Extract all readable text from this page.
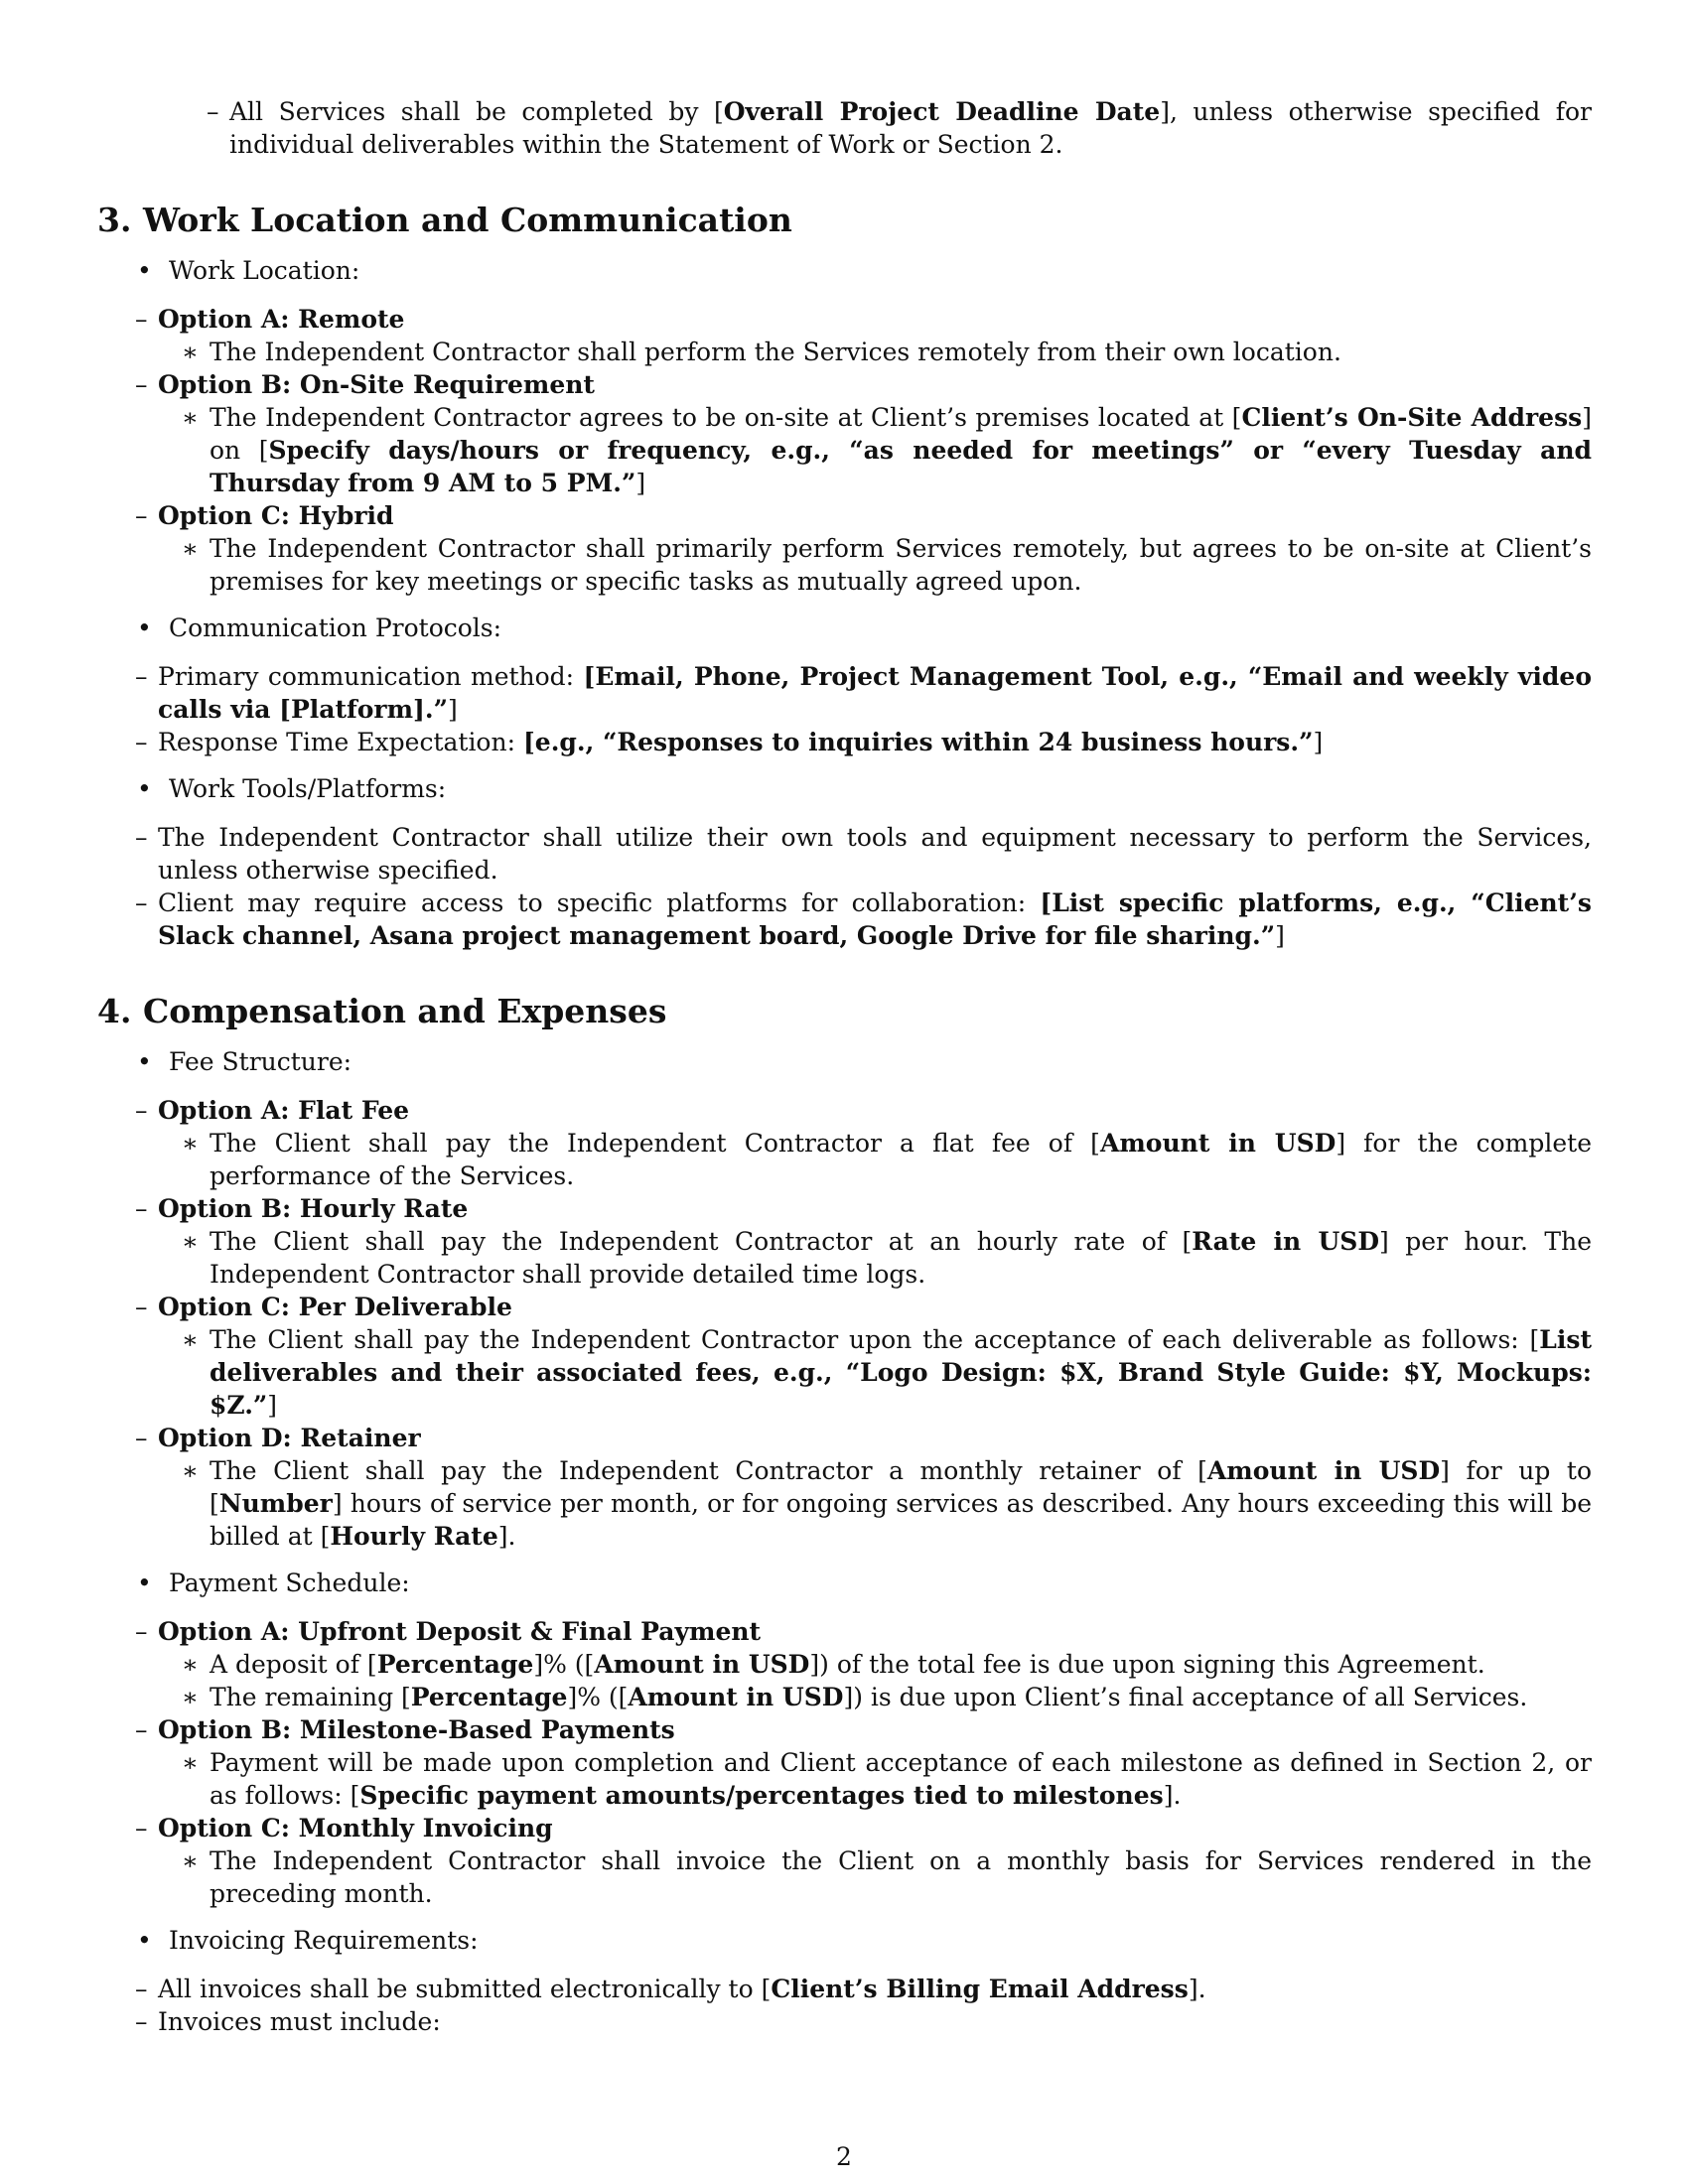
– All Services shall be completed by [Overall Project Deadline Date], unless otherwise specified for individual deliverables within the Statement of Work or Section 2.
3. Work Location and Communication
• Work Location:
– Option A: Remote
∗ The Independent Contractor shall perform the Services remotely from their own location.
– Option B: On-Site Requirement
∗ The Independent Contractor agrees to be on-site at Client’s premises located at [Client’s On-Site Address] on [Specify days/hours or frequency, e.g., “as needed for meetings” or “every Tuesday and Thursday from 9 AM to 5 PM.”]
– Option C: Hybrid
∗ The Independent Contractor shall primarily perform Services remotely, but agrees to be on-site at Client’s premises for key meetings or specific tasks as mutually agreed upon.
• Communication Protocols:
– Primary communication method: [Email, Phone, Project Management Tool, e.g., “Email and weekly video calls via [Platform].”]
– Response Time Expectation: [e.g., “Responses to inquiries within 24 business hours.”]
• Work Tools/Platforms:
– The Independent Contractor shall utilize their own tools and equipment necessary to perform the Services, unless otherwise specified.
– Client may require access to specific platforms for collaboration: [List specific platforms, e.g., “Client’s Slack channel, Asana project management board, Google Drive for file sharing.”]
4. Compensation and Expenses
• Fee Structure:
– Option A: Flat Fee
∗ The Client shall pay the Independent Contractor a flat fee of [Amount in USD] for the complete performance of the Services.
– Option B: Hourly Rate
∗ The Client shall pay the Independent Contractor at an hourly rate of [Rate in USD] per hour. The Independent Contractor shall provide detailed time logs.
– Option C: Per Deliverable
∗ The Client shall pay the Independent Contractor upon the acceptance of each deliverable as follows: [List deliverables and their associated fees, e.g., “Logo Design: $X, Brand Style Guide: $Y, Mockups: $Z.”]
– Option D: Retainer
∗ The Client shall pay the Independent Contractor a monthly retainer of [Amount in USD] for up to [Number] hours of service per month, or for ongoing services as described. Any hours exceeding this will be billed at [Hourly Rate].
• Payment Schedule:
– Option A: Upfront Deposit & Final Payment
∗ A deposit of [Percentage]% ([Amount in USD]) of the total fee is due upon signing this Agreement.
∗ The remaining [Percentage]% ([Amount in USD]) is due upon Client’s final acceptance of all Services.
– Option B: Milestone-Based Payments
∗ Payment will be made upon completion and Client acceptance of each milestone as defined in Section 2, or as follows: [Specific payment amounts/percentages tied to milestones].
– Option C: Monthly Invoicing
∗ The Independent Contractor shall invoice the Client on a monthly basis for Services rendered in the preceding month.
• Invoicing Requirements:
– All invoices shall be submitted electronically to [Client’s Billing Email Address].
– Invoices must include:
2
